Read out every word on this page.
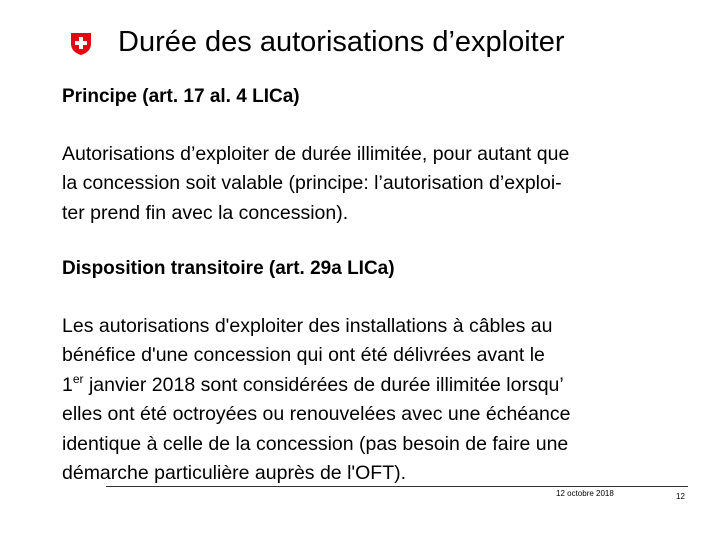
Durée des autorisations d’exploiter
Principe (art. 17 al. 4 LICa)
Autorisations d’exploiter de durée illimitée, pour autant que
la concession soit valable (principe: l’autorisation d’exploi-
ter prend fin avec la concession).
Disposition transitoire (art. 29a LICa)
Les autorisations d'exploiter des installations à câbles au
bénéfice d'une concession qui ont été délivrées avant le
1er janvier 2018 sont considérées de durée illimitée lorsqu’
elles ont été octroyées ou renouvelées avec une échéance
identique à celle de la concession (pas besoin de faire une
démarche particulière auprès de l'OFT).
12 octobre 2018	12
